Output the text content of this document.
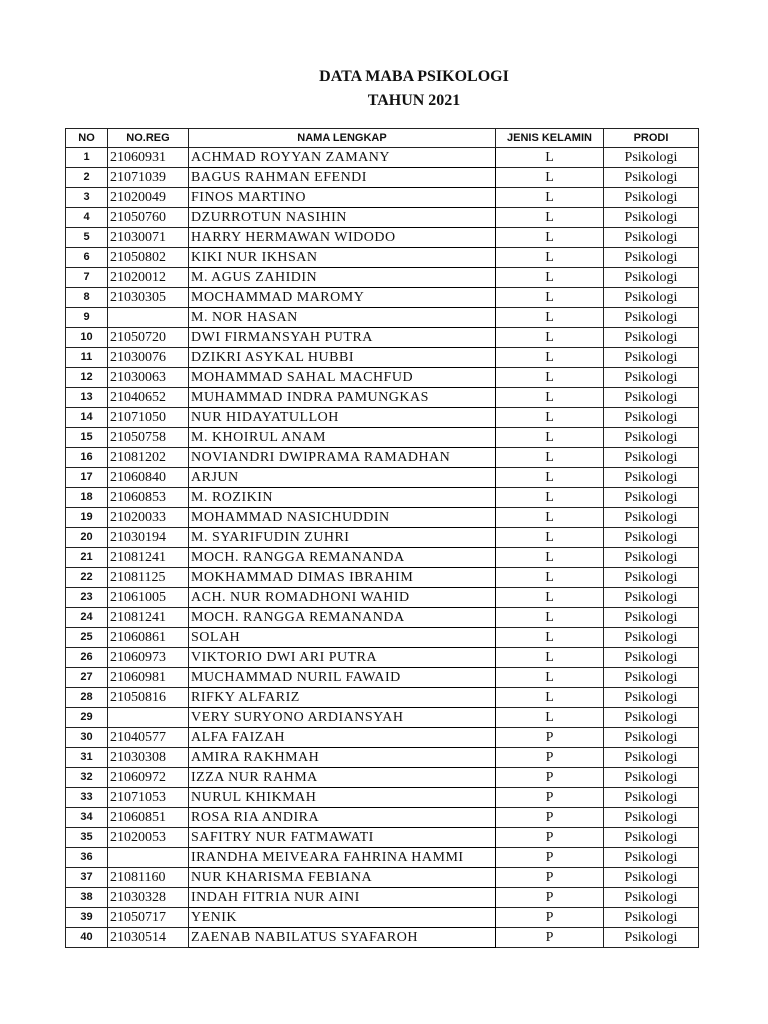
DATA MABA PSIKOLOGI
TAHUN 2021
NO	NO.REG	NAMA LENGKAP	JENIS KELAMIN	PRODI
1	21060931	ACHMAD ROYYAN ZAMANY	L	Psikologi
2	21071039	BAGUS RAHMAN EFENDI	L	Psikologi
3	21020049	FINOS MARTINO	L	Psikologi
4	21050760	DZURROTUN NASIHIN	L	Psikologi
5	21030071	HARRY HERMAWAN WIDODO	L	Psikologi
6	21050802	KIKI NUR IKHSAN	L	Psikologi
7	21020012	M. AGUS ZAHIDIN	L	Psikologi
8	21030305	MOCHAMMAD MAROMY	L	Psikologi
9		M. NOR HASAN	L	Psikologi
10	21050720	DWI FIRMANSYAH PUTRA	L	Psikologi
11	21030076	DZIKRI ASYKAL HUBBI	L	Psikologi
12	21030063	MOHAMMAD SAHAL MACHFUD	L	Psikologi
13	21040652	MUHAMMAD INDRA PAMUNGKAS	L	Psikologi
14	21071050	NUR HIDAYATULLOH	L	Psikologi
15	21050758	M. KHOIRUL ANAM	L	Psikologi
16	21081202	NOVIANDRI DWIPRAMA RAMADHAN	L	Psikologi
17	21060840	ARJUN	L	Psikologi
18	21060853	M. ROZIKIN	L	Psikologi
19	21020033	MOHAMMAD NASICHUDDIN	L	Psikologi
20	21030194	M. SYARIFUDIN ZUHRI	L	Psikologi
21	21081241	MOCH. RANGGA REMANANDA	L	Psikologi
22	21081125	MOKHAMMAD DIMAS IBRAHIM	L	Psikologi
23	21061005	ACH. NUR ROMADHONI WAHID	L	Psikologi
24	21081241	MOCH. RANGGA REMANANDA	L	Psikologi
25	21060861	SOLAH	L	Psikologi
26	21060973	VIKTORIO DWI ARI PUTRA	L	Psikologi
27	21060981	MUCHAMMAD NURIL FAWAID	L	Psikologi
28	21050816	RIFKY ALFARIZ	L	Psikologi
29		VERY SURYONO ARDIANSYAH	L	Psikologi
30	21040577	ALFA FAIZAH	P	Psikologi
31	21030308	AMIRA RAKHMAH	P	Psikologi
32	21060972	IZZA NUR RAHMA	P	Psikologi
33	21071053	NURUL KHIKMAH	P	Psikologi
34	21060851	ROSA RIA ANDIRA	P	Psikologi
35	21020053	SAFITRY NUR FATMAWATI	P	Psikologi
36		IRANDHA MEIVEARA FAHRINA HAMMI	P	Psikologi
37	21081160	NUR KHARISMA FEBIANA	P	Psikologi
38	21030328	INDAH FITRIA NUR AINI	P	Psikologi
39	21050717	YENIK	P	Psikologi
40	21030514	ZAENAB NABILATUS SYAFAROH	P	Psikologi
